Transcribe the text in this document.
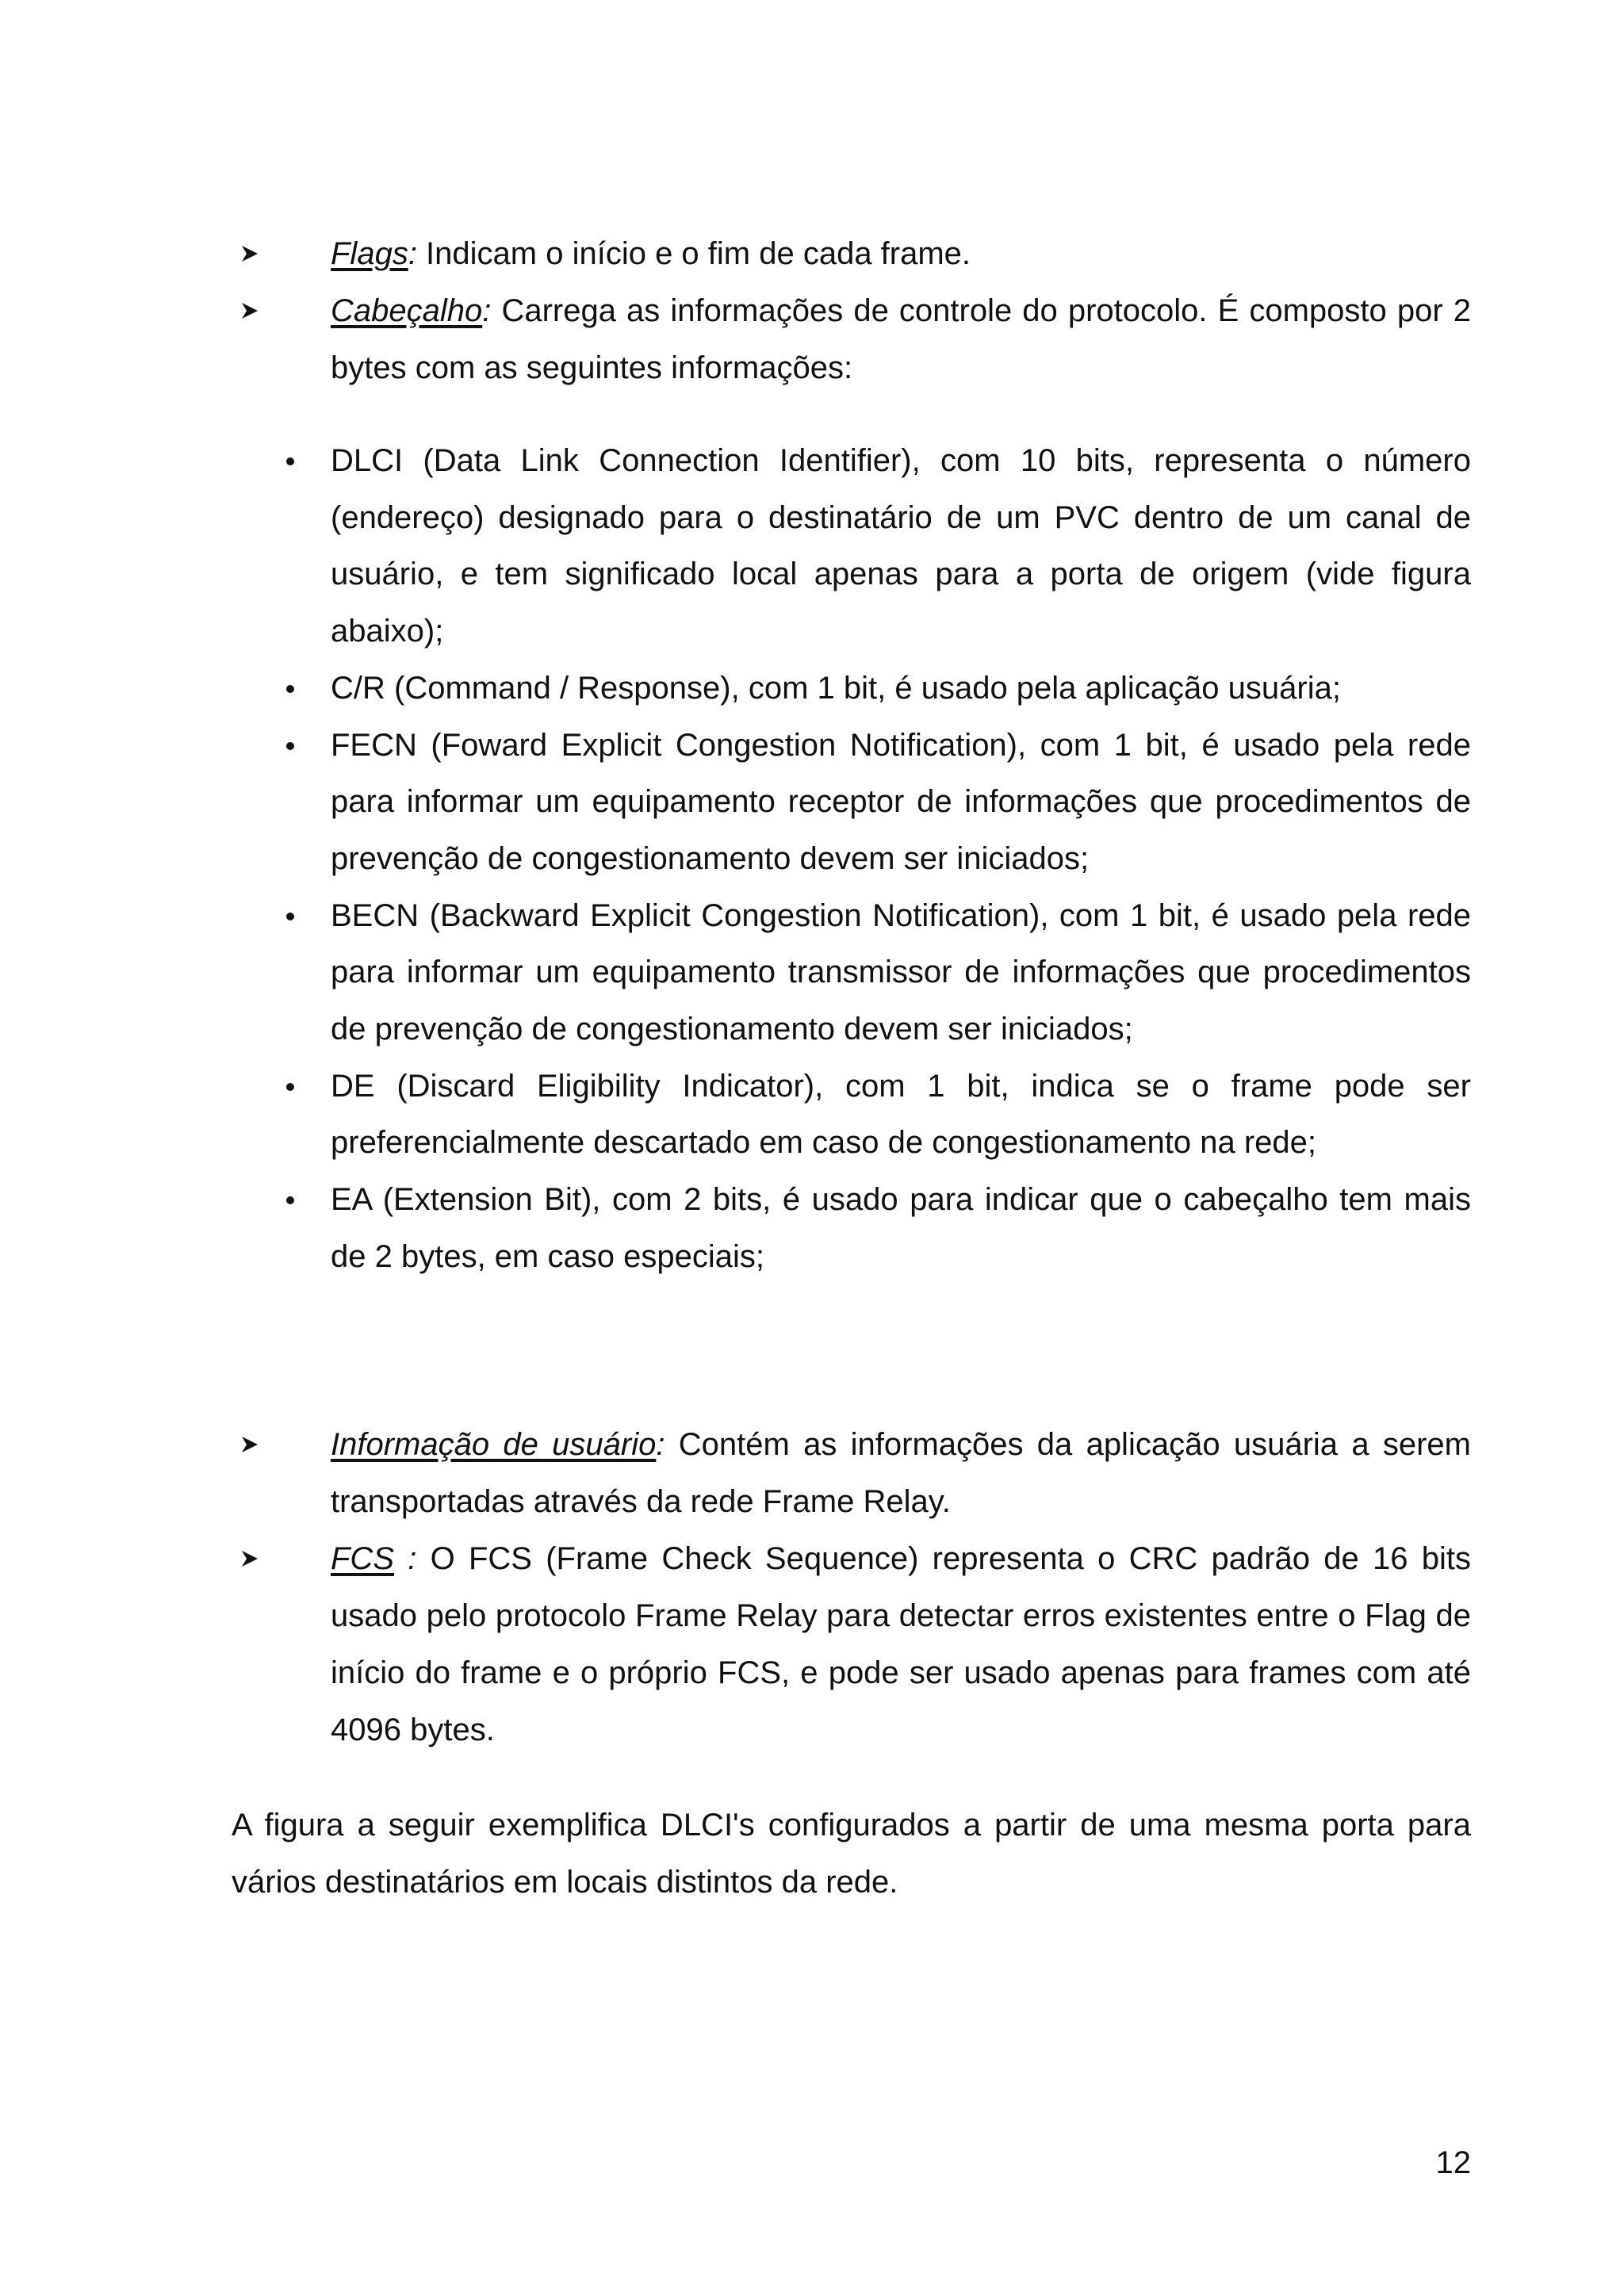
Flags: Indicam o início e o fim de cada frame.

Cabeçalho: Carrega as informações de controle do protocolo. É composto por 2 bytes com as seguintes informações:

DLCI (Data Link Connection Identifier), com 10 bits, representa o número (endereço) designado para o destinatário de um PVC dentro de um canal de usuário, e tem significado local apenas para a porta de origem (vide figura abaixo);
C/R (Command / Response), com 1 bit, é usado pela aplicação usuária;
FECN (Foward Explicit Congestion Notification), com 1 bit, é usado pela rede para informar um equipamento receptor de informações que procedimentos de prevenção de congestionamento devem ser iniciados;
BECN (Backward Explicit Congestion Notification), com 1 bit, é usado pela rede para informar um equipamento transmissor de informações que procedimentos de prevenção de congestionamento devem ser iniciados;
DE (Discard Eligibility Indicator), com 1 bit, indica se o frame pode ser preferencialmente descartado em caso de congestionamento na rede;
EA (Extension Bit), com 2 bits, é usado para indicar que o cabeçalho tem mais de 2 bytes, em caso especiais;

Informação de usuário: Contém as informações da aplicação usuária a serem transportadas através da rede Frame Relay.

FCS : O FCS (Frame Check Sequence) representa o CRC padrão de 16 bits usado pelo protocolo Frame Relay para detectar erros existentes entre o Flag de início do frame e o próprio FCS, e pode ser usado apenas para frames com até 4096 bytes.

A figura a seguir exemplifica DLCI's configurados a partir de uma mesma porta para vários destinatários em locais distintos da rede.

12
